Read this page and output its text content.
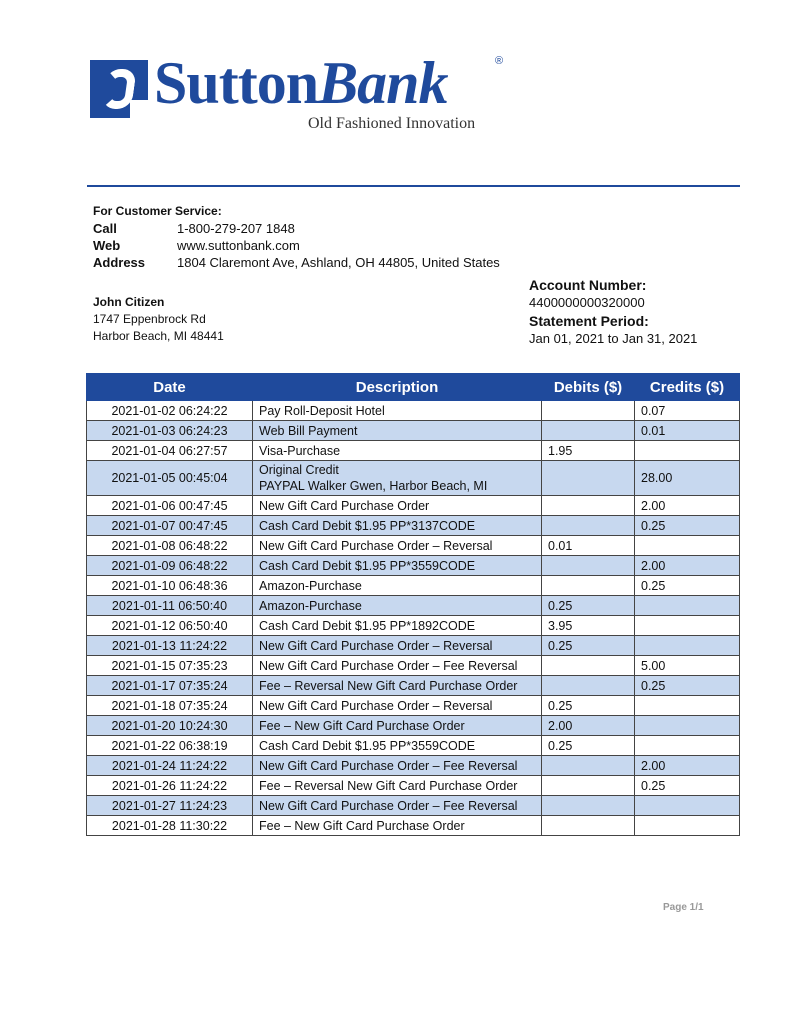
SuttonBank	®
Old Fashioned Innovation
For Customer Service:
Call	1-800-279-207 1848
Web	www.suttonbank.com
Address	1804 Claremont Ave, Ashland, OH 44805, United States
John Citizen
1747 Eppenbrock Rd
Harbor Beach, MI 48441
Account Number:
4400000000320000
Statement Period:
Jan 01, 2021 to Jan 31, 2021
Date	Description	Debits ($)	Credits ($)
2021-01-02 06:24:22	Pay Roll-Deposit Hotel		0.07
2021-01-03 06:24:23	Web Bill Payment		0.01
2021-01-04 06:27:57	Visa-Purchase	1.95	
2021-01-05 00:45:04	Original Credit
PAYPAL Walker Gwen, Harbor Beach, MI		28.00
2021-01-06 00:47:45	New Gift Card Purchase Order		2.00
2021-01-07 00:47:45	Cash Card Debit $1.95 PP*3137CODE		0.25
2021-01-08 06:48:22	New Gift Card Purchase Order – Reversal	0.01	
2021-01-09 06:48:22	Cash Card Debit $1.95 PP*3559CODE		2.00
2021-01-10 06:48:36	Amazon-Purchase		0.25
2021-01-11 06:50:40	Amazon-Purchase	0.25	
2021-01-12 06:50:40	Cash Card Debit $1.95 PP*1892CODE	3.95	
2021-01-13 11:24:22	New Gift Card Purchase Order – Reversal	0.25	
2021-01-15 07:35:23	New Gift Card Purchase Order – Fee Reversal		5.00
2021-01-17 07:35:24	Fee – Reversal New Gift Card Purchase Order		0.25
2021-01-18 07:35:24	New Gift Card Purchase Order – Reversal	0.25	
2021-01-20 10:24:30	Fee – New Gift Card Purchase Order	2.00	
2021-01-22 06:38:19	Cash Card Debit $1.95 PP*3559CODE	0.25	
2021-01-24 11:24:22	New Gift Card Purchase Order – Fee Reversal		2.00
2021-01-26 11:24:22	Fee – Reversal New Gift Card Purchase Order		0.25
2021-01-27 11:24:23	New Gift Card Purchase Order – Fee Reversal		
2021-01-28 11:30:22	Fee – New Gift Card Purchase Order		
Page 1/1
